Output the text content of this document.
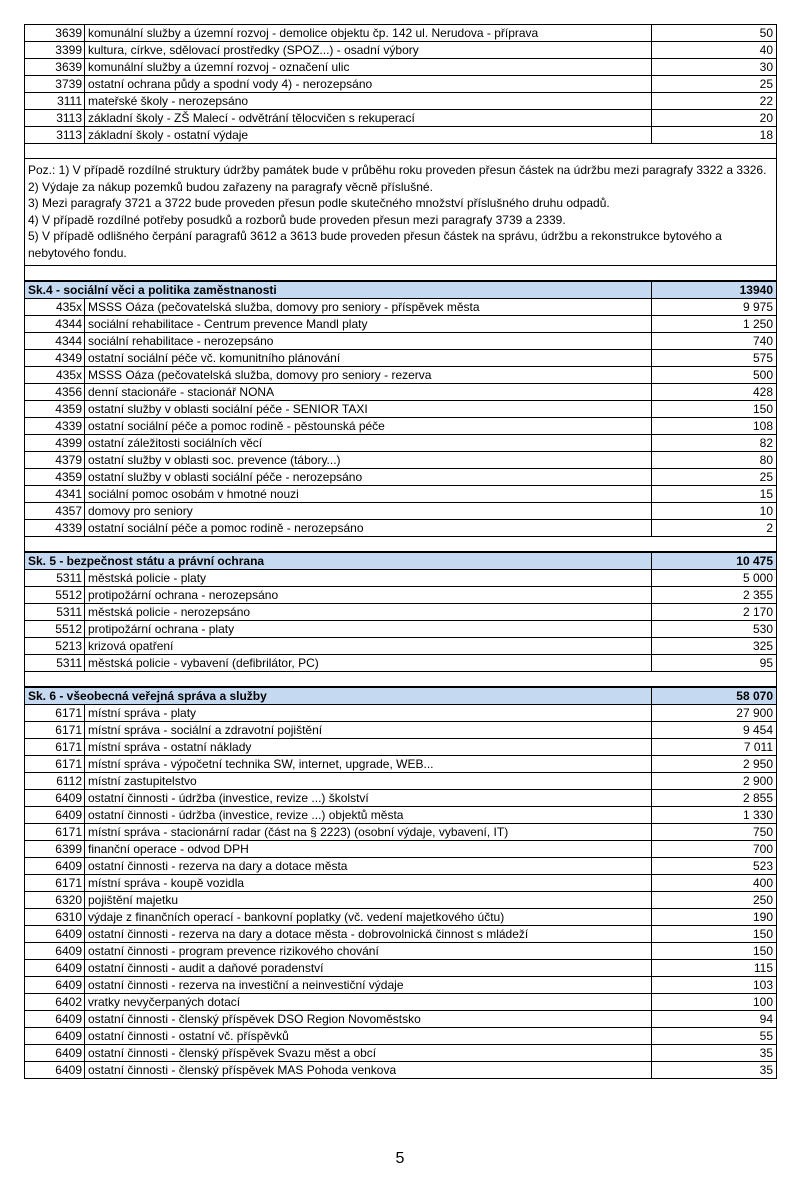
3639	komunální služby a územní rozvoj - demolice objektu čp. 142 ul. Nerudova - příprava	50
3399	kultura, církve, sdělovací prostředky (SPOZ...) - osadní výbory	40
3639	komunální služby a územní rozvoj - označení ulic	30
3739	ostatní ochrana půdy a spodní vody 4) - nerozepsáno	25
3111	mateřské školy - nerozepsáno	22
3113	základní školy - ZŠ Malecí - odvětrání tělocvičen s rekuperací	20
3113	základní školy - ostatní výdaje	18

Poz.: 1) V případě rozdílné struktury údržby památek bude v průběhu roku proveden přesun částek na údržbu mezi paragrafy 3322 a 3326.
2) Výdaje za nákup pozemků budou zařazeny na paragrafy věcně příslušné.
3) Mezi paragrafy 3721 a 3722 bude proveden přesun podle skutečného množství příslušného druhu odpadů.
4) V případě rozdílné potřeby posudků a rozborů bude proveden přesun mezi paragrafy 3739 a 2339.
5) V případě odlišného čerpání paragrafů 3612 a 3613 bude proveden přesun částek na správu, údržbu a rekonstrukce bytového a nebytového fondu.		

Sk.4 - sociální věci a politika zaměstnanosti		13940
435x	MSSS Oáza (pečovatelská služba, domovy pro seniory - příspěvek města	9 975
4344	sociální rehabilitace - Centrum prevence Mandl platy	1 250
4344	sociální rehabilitace - nerozepsáno	740
4349	ostatní sociální péče vč. komunitního plánování	575
435x	MSSS Oáza (pečovatelská služba, domovy pro seniory - rezerva	500
4356	denní stacionáře - stacionář NONA	428
4359	ostatní služby v oblasti sociální péče - SENIOR TAXI	150
4339	ostatní sociální péče a pomoc rodině - pěstounská péče	108
4399	ostatní záležitosti sociálních věcí	82
4379	ostatní služby v oblasti soc. prevence (tábory...)	80
4359	ostatní služby v oblasti sociální péče - nerozepsáno	25
4341	sociální pomoc osobám v hmotné nouzi	15
4357	domovy pro seniory	10
4339	ostatní sociální péče a pomoc rodině - nerozepsáno	2

Sk. 5 - bezpečnost státu a právní ochrana		10 475
5311	městská policie - platy	5 000
5512	protipožární ochrana - nerozepsáno	2 355
5311	městská policie - nerozepsáno	2 170
5512	protipožární ochrana - platy	530
5213	krizová opatření	325
5311	městská policie - vybavení (defibrilátor, PC)	95

Sk. 6 - všeobecná veřejná správa a služby		58 070
6171	místní správa - platy	27 900
6171	místní správa - sociální a zdravotní pojištění	9 454
6171	místní správa - ostatní náklady	7 011
6171	místní správa - výpočetní technika SW, internet, upgrade, WEB...	2 950
6112	místní zastupitelstvo	2 900
6409	ostatní činnosti - údržba (investice, revize ...) školství	2 855
6409	ostatní činnosti - údržba (investice, revize ...) objektů města	1 330
6171	místní správa - stacionární radar (část na § 2223) (osobní výdaje, vybavení, IT)	750
6399	finanční operace - odvod DPH	700
6409	ostatní činnosti - rezerva na dary a dotace města	523
6171	místní správa - koupě vozidla	400
6320	pojištění majetku	250
6310	výdaje z finančních operací - bankovní poplatky (vč. vedení majetkového účtu)	190
6409	ostatní činnosti - rezerva na dary a dotace města - dobrovolnická činnost s mládeží	150
6409	ostatní činnosti - program prevence rizikového chování	150
6409	ostatní činnosti - audit a daňové poradenství	115
6409	ostatní činnosti - rezerva na investiční a neinvestiční výdaje	103
6402	vratky nevyčerpaných dotací	100
6409	ostatní činnosti - členský příspěvek DSO Region Novoměstsko	94
6409	ostatní činnosti - ostatní vč. příspěvků	55
6409	ostatní činnosti - členský příspěvek Svazu měst a obcí	35
6409	ostatní činnosti - členský příspěvek MAS Pohoda venkova	35
5
